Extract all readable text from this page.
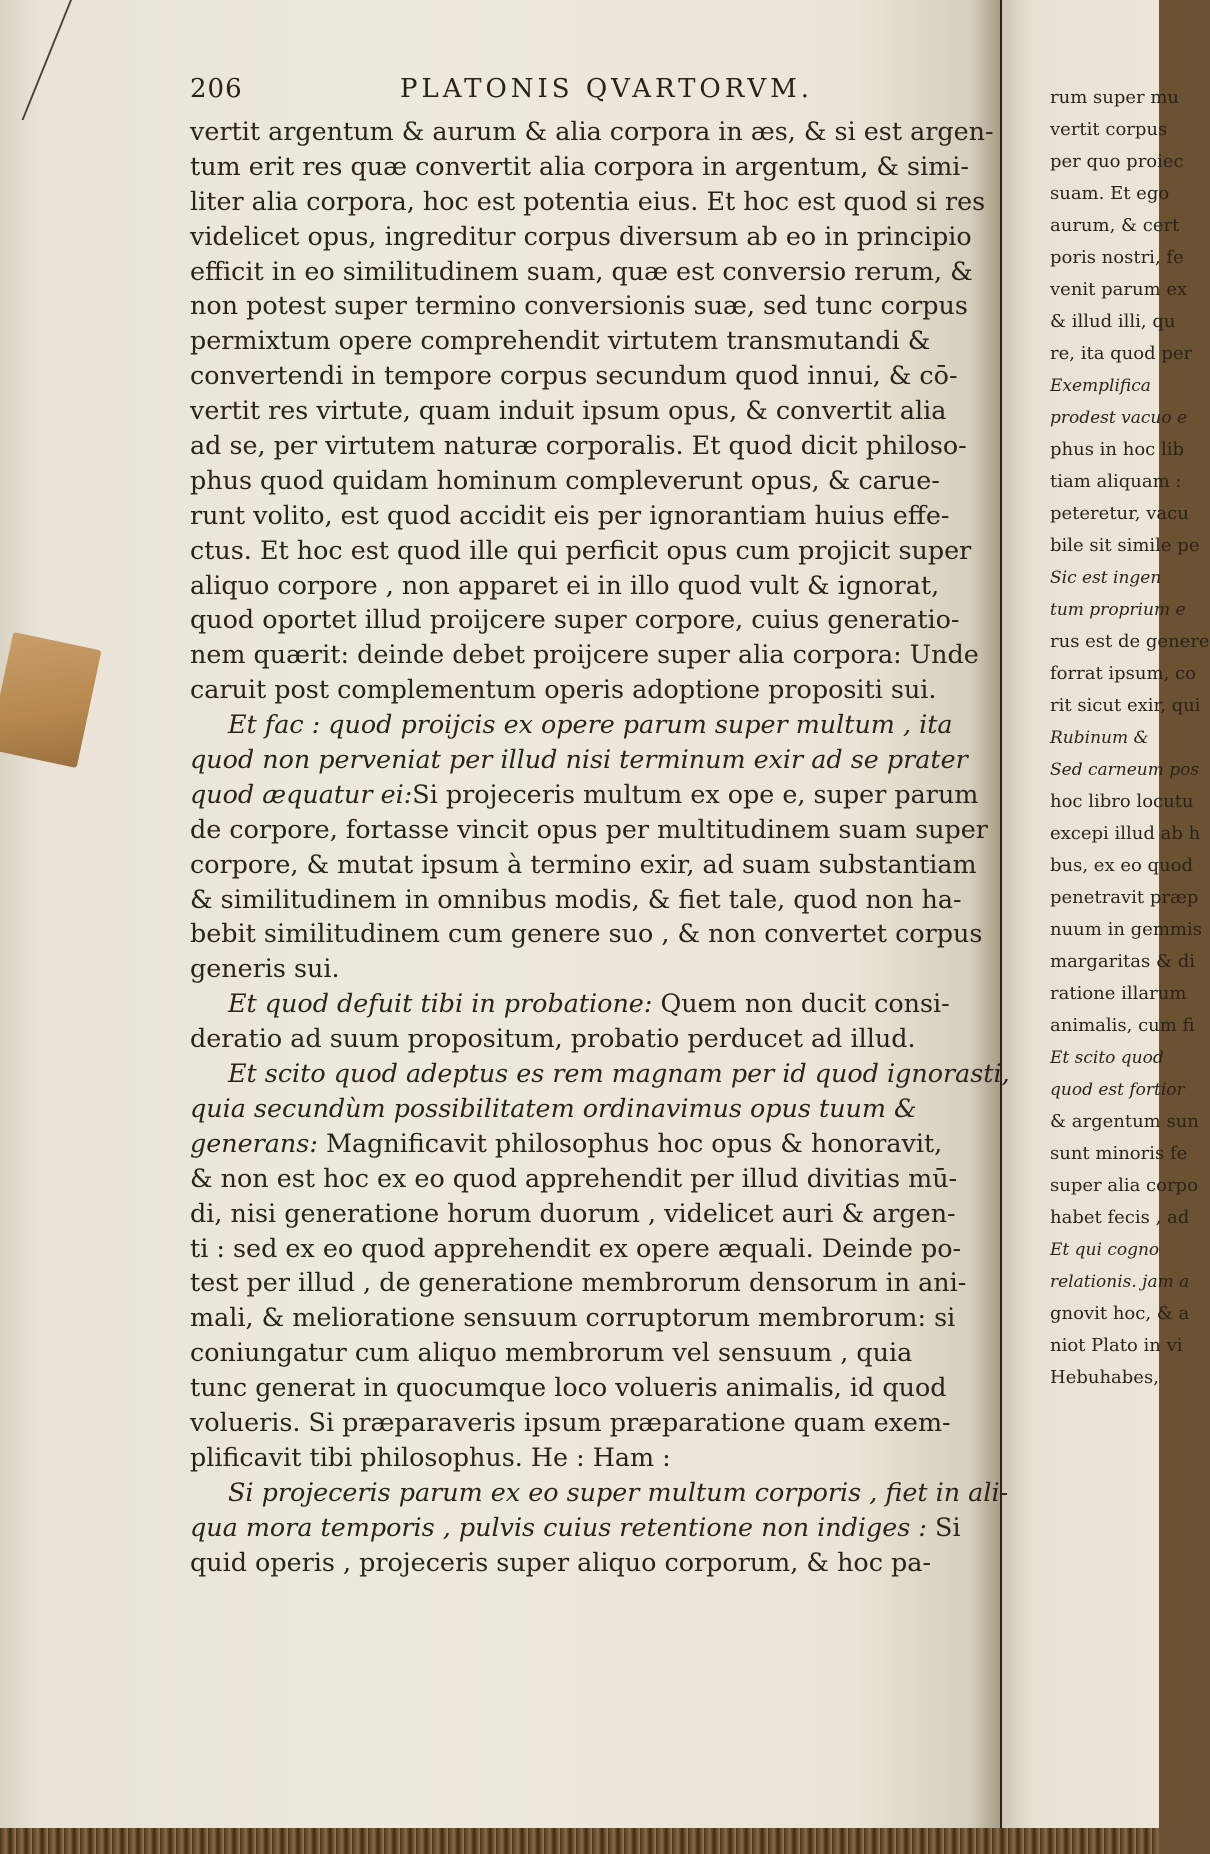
206	PLATONIS QVARTORVM.
vertit argentum & aurum & alia corpora in æs, & si est argen-
tum erit res quæ convertit alia corpora in argentum, & simi-
liter alia corpora, hoc est potentia eius. Et hoc est quod si res
videlicet opus, ingreditur corpus diversum ab eo in principio
efficit in eo similitudinem suam, quæ est conversio rerum, &
non potest super termino conversionis suæ, sed tunc corpus
permixtum opere comprehendit virtutem transmutandi &
convertendi in tempore corpus secundum quod innui, & cō-
vertit res virtute, quam induit ipsum opus, & convertit alia
ad se, per virtutem naturæ corporalis. Et quod dicit philoso-
phus quod quidam hominum compleverunt opus, & carue-
runt volito, est quod accidit eis per ignorantiam huius effe-
ctus. Et hoc est quod ille qui perficit opus cum projicit super
aliquo corpore , non apparet ei in illo quod vult & ignorat,
quod oportet illud proijcere super corpore, cuius generatio-
nem quærit: deinde debet proijcere super alia corpora: Unde
caruit post complementum operis adoptione propositi sui.
Et fac : quod proijcis ex opere parum super multum , ita
quod non perveniat per illud nisi terminum exir ad se prater
quod æquatur ei:Si projeceris multum ex ope e, super parum
de corpore, fortasse vincit opus per multitudinem suam super
corpore, & mutat ipsum à termino exir, ad suam substantiam
& similitudinem in omnibus modis, & fiet tale, quod non ha-
bebit similitudinem cum genere suo , & non convertet corpus
generis sui.
Et quod defuit tibi in probatione: Quem non ducit consi-
deratio ad suum propositum, probatio perducet ad illud.
Et scito quod adeptus es rem magnam per id quod ignorasti,
quia secundùm possibilitatem ordinavimus opus tuum &
generans: Magnificavit philosophus hoc opus & honoravit,
& non est hoc ex eo quod apprehendit per illud divitias mū-
di, nisi generatione horum duorum , videlicet auri & argen-
ti : sed ex eo quod apprehendit ex opere æquali. Deinde po-
test per illud , de generatione membrorum densorum in ani-
mali, & melioratione sensuum corruptorum membrorum: si
coniungatur cum aliquo membrorum vel sensuum , quia
tunc generat in quocumque loco volueris animalis, id quod
volueris. Si præparaveris ipsum præparatione quam exem-
plificavit tibi philosophus. He : Ham :
Si projeceris parum ex eo super multum corporis , fiet in ali-
qua mora temporis , pulvis cuius retentione non indiges : Si
quid operis , projeceris super aliquo corporum, & hoc pa-
rum super mu
vertit corpus
per quo proiec
suam. Et ego
aurum, & cert
poris nostri, fe
venit parum ex
& illud illi, qu
re, ita quod per
Exemplifica
prodest vacuo e
phus in hoc lib
tiam aliquam :
peteretur, vacu
bile sit simile pe
Sic est ingen
tum proprium e
rus est de genere
forrat ipsum, co
rit sicut exir, qui
Rubinum &
Sed carneum pos
hoc libro locutu
excepi illud ab h
bus, ex eo quod
penetravit præp
nuum in gemmis
margaritas & di
ratione illarum
animalis, cum fi
Et scito quod
quod est fortior
& argentum sun
sunt minoris fe
super alia corpo
habet fecis , ad
Et qui cogno
relationis. jam a
gnovit hoc, & a
niot Plato in vi
Hebuhabes,
